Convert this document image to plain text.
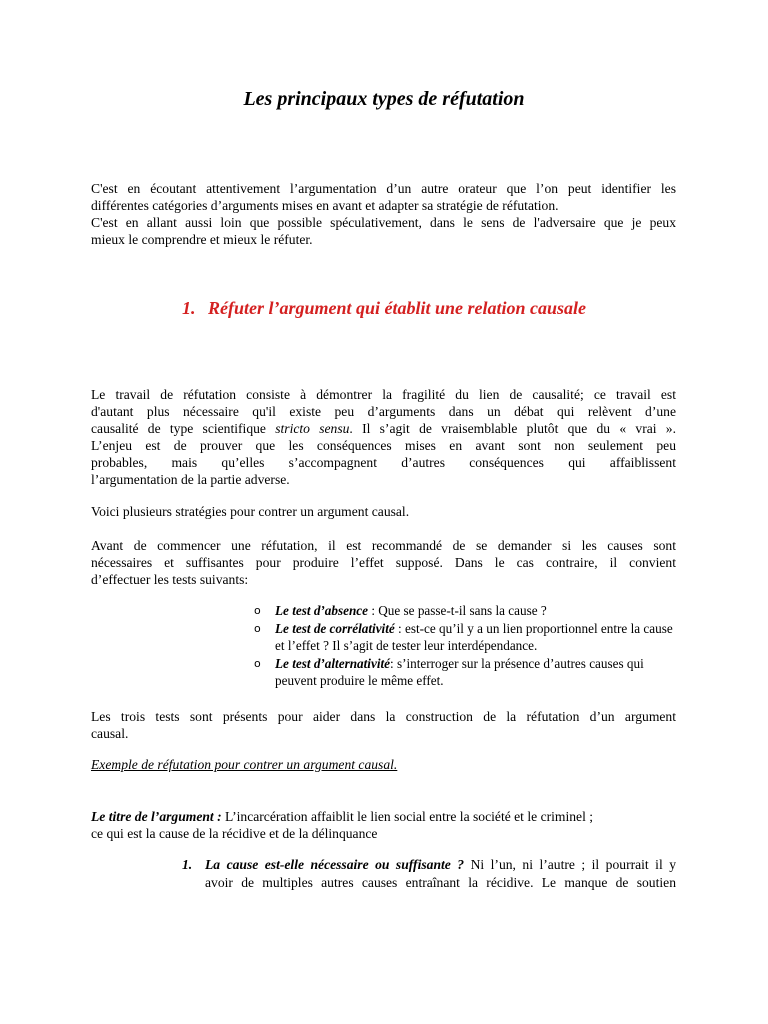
Les principaux types de réfutation
C'est en écoutant attentivement l’argumentation d’un autre orateur que l’on peut identifier les
différentes catégories d’arguments mises en avant et adapter sa stratégie de réfutation.
C'est en allant aussi loin que possible spéculativement, dans le sens de l'adversaire que je peux
mieux le comprendre et mieux le réfuter.
1. Réfuter l’argument qui établit une relation causale
Le travail de réfutation consiste à démontrer la fragilité du lien de causalité; ce travail est
d'autant plus nécessaire qu'il existe peu d’arguments dans un débat qui relèvent d’une
causalité de type scientifique stricto sensu. Il s’agit de vraisemblable plutôt que du « vrai ».
L’enjeu est de prouver que les conséquences mises en avant sont non seulement peu
probables, mais qu’elles s’accompagnent d’autres conséquences qui affaiblissent
l’argumentation de la partie adverse.

Voici plusieurs stratégies pour contrer un argument causal.

Avant de commencer une réfutation, il est recommandé de se demander si les causes sont
nécessaires et suffisantes pour produire l’effet supposé. Dans le cas contraire, il convient
d’effectuer les tests suivants:
o Le test d’absence : Que se passe-t-il sans la cause ?
o Le test de corrélativité : est-ce qu’il y a un lien proportionnel entre la cause et l’effet ? Il s’agit de tester leur interdépendance.
o Le test d’alternativité: s’interroger sur la présence d’autres causes qui peuvent produire le même effet.
Les trois tests sont présents pour aider dans la construction de la réfutation d’un argument
causal.

Exemple de réfutation pour contrer un argument causal.

Le titre de l’argument : L’incarcération affaiblit le lien social entre la société et le criminel ;
ce qui est la cause de la récidive et de la délinquance
1. La cause est-elle nécessaire ou suffisante ? Ni l’un, ni l’autre ; il pourrait il y
avoir de multiples autres causes entraînant la récidive. Le manque de soutien
